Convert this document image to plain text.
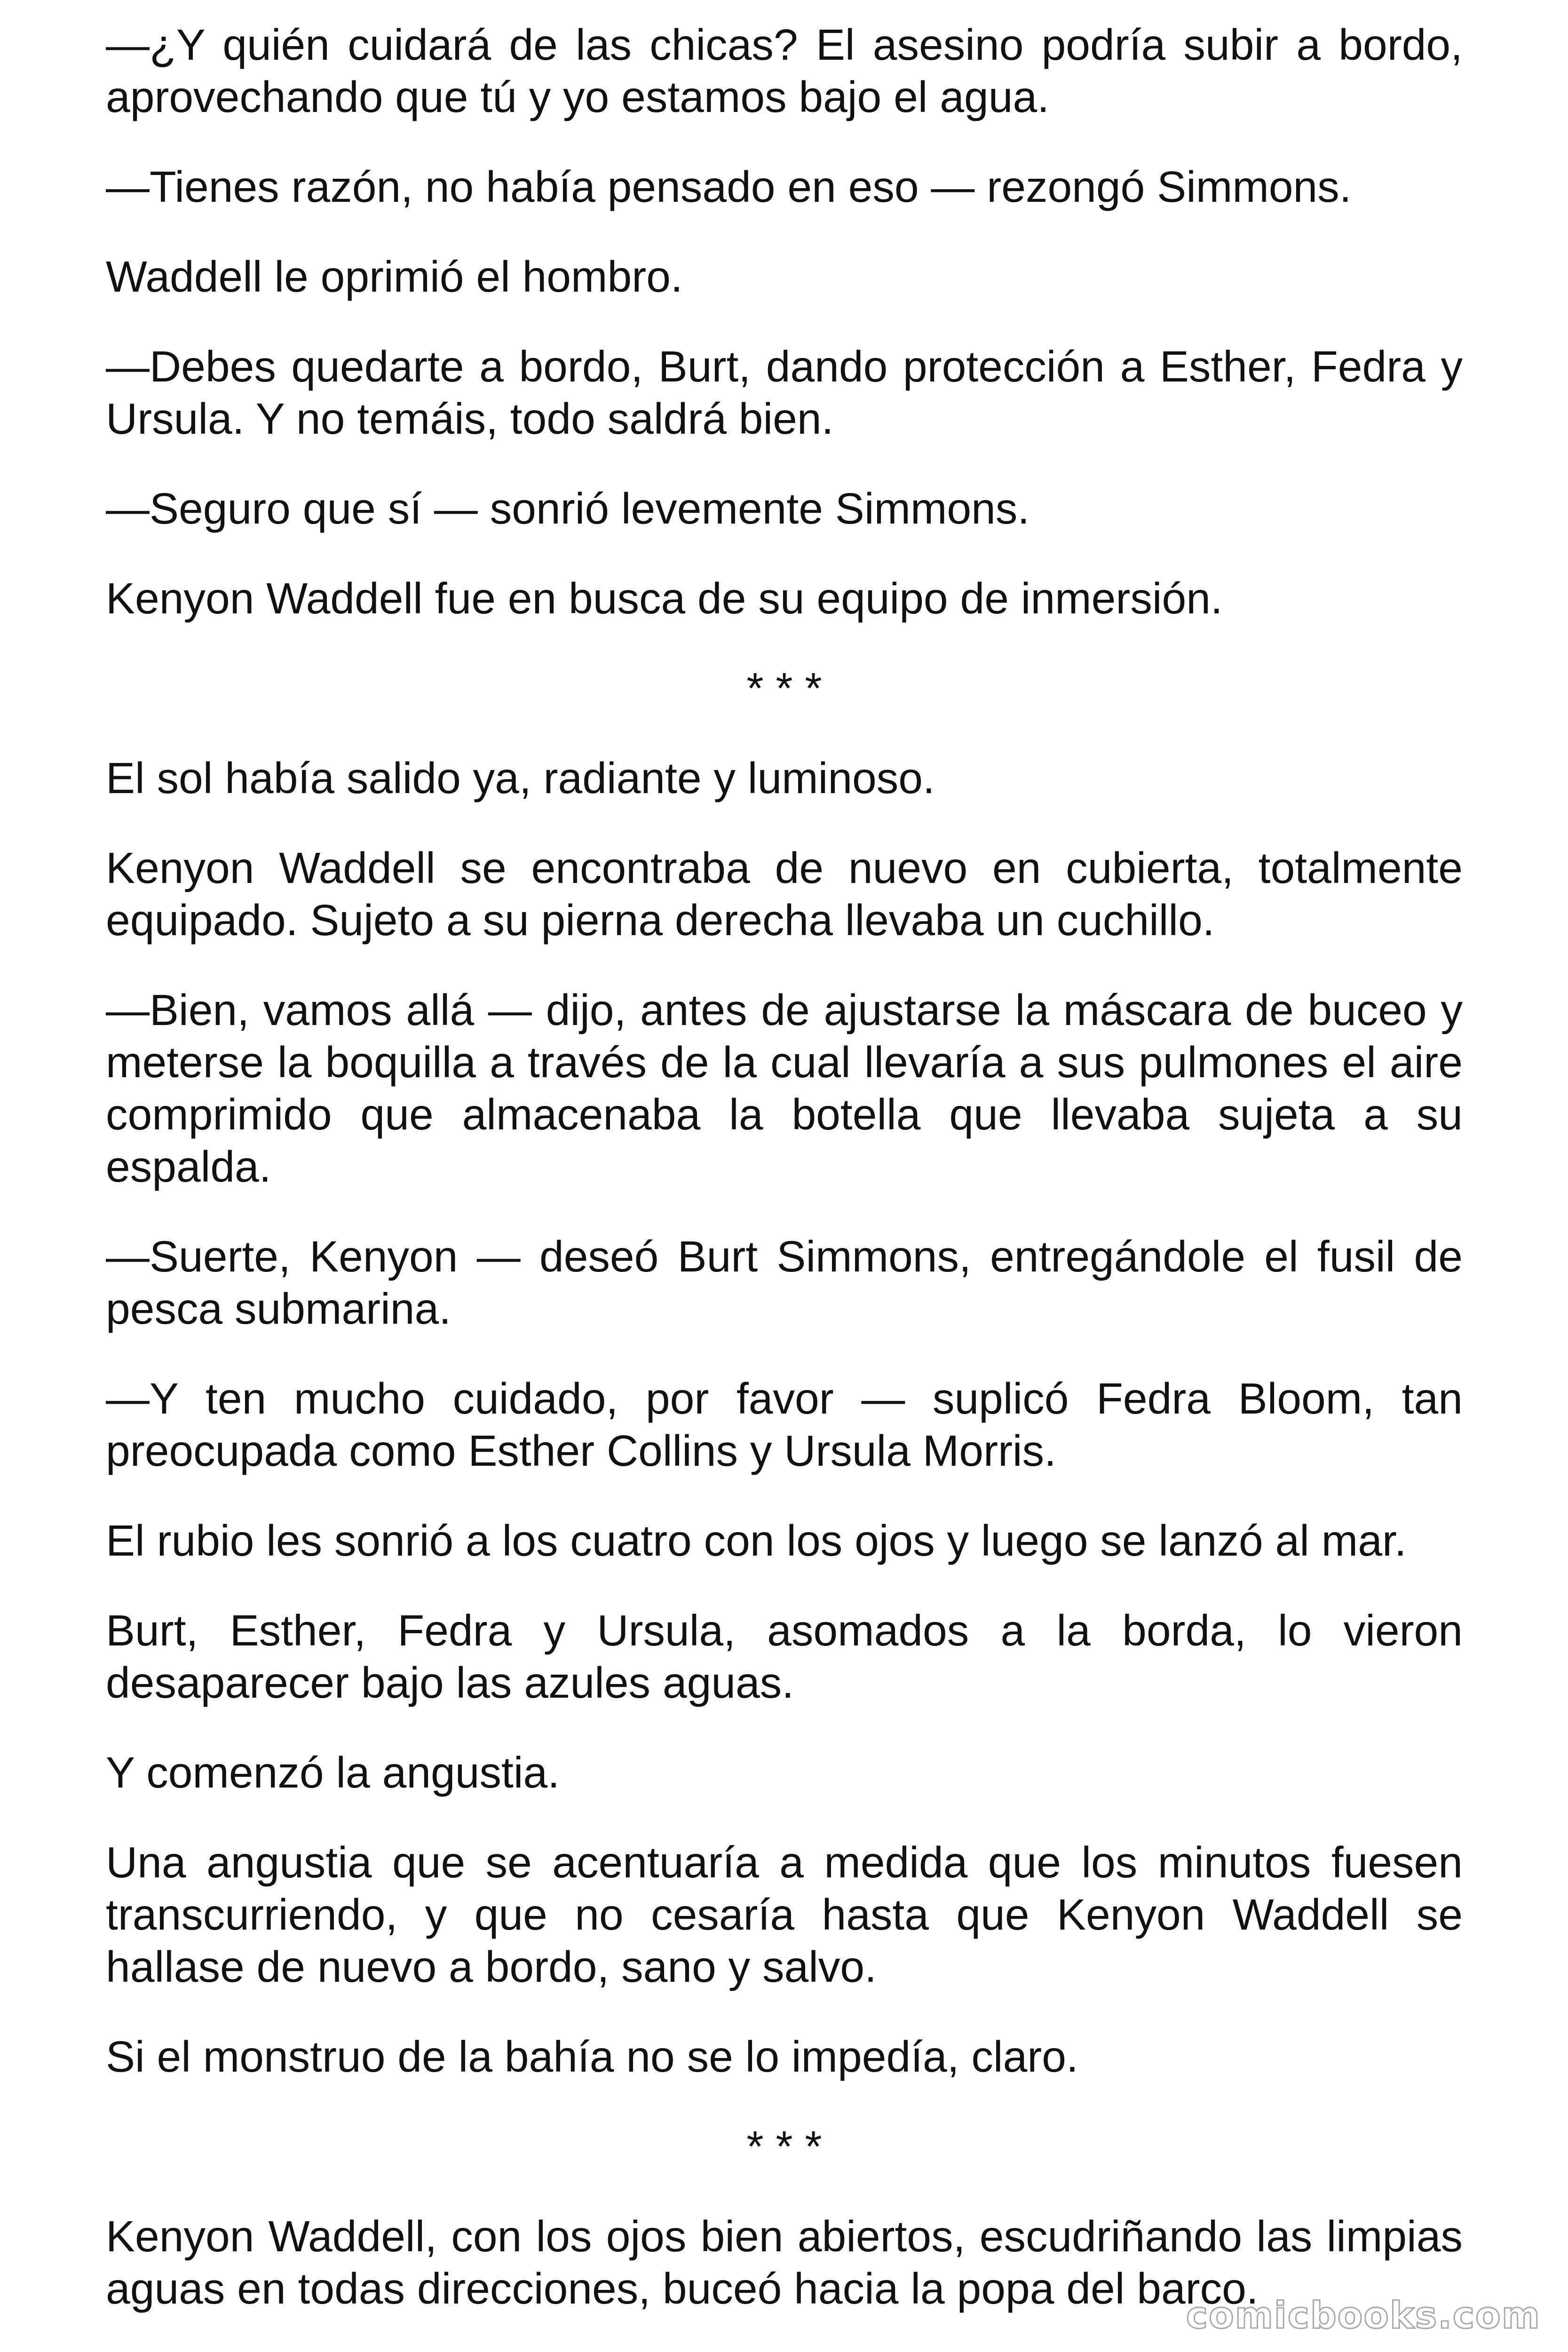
—¿Y quién cuidará de las chicas? El asesino podría subir a bordo, aprovechando que tú y yo estamos bajo el agua.

—Tienes razón, no había pensado en eso — rezongó Simmons.

Waddell le oprimió el hombro.

—Debes quedarte a bordo, Burt, dando protección a Esther, Fedra y Ursula. Y no temáis, todo saldrá bien.

—Seguro que sí — sonrió levemente Simmons.

Kenyon Waddell fue en busca de su equipo de inmersión.

* * *

El sol había salido ya, radiante y luminoso.

Kenyon Waddell se encontraba de nuevo en cubierta, totalmente equipado. Sujeto a su pierna derecha llevaba un cuchillo.

—Bien, vamos allá — dijo, antes de ajustarse la máscara de buceo y meterse la boquilla a través de la cual llevaría a sus pulmones el aire comprimido que almacenaba la botella que llevaba sujeta a su espalda.

—Suerte, Kenyon — deseó Burt Simmons, entregándole el fusil de pesca submarina.

—Y ten mucho cuidado, por favor — suplicó Fedra Bloom, tan preocupada como Esther Collins y Ursula Morris.

El rubio les sonrió a los cuatro con los ojos y luego se lanzó al mar.

Burt, Esther, Fedra y Ursula, asomados a la borda, lo vieron desaparecer bajo las azules aguas.

Y comenzó la angustia.

Una angustia que se acentuaría a medida que los minutos fuesen transcurriendo, y que no cesaría hasta que Kenyon Waddell se hallase de nuevo a bordo, sano y salvo.

Si el monstruo de la bahía no se lo impedía, claro.

* * *

Kenyon Waddell, con los ojos bien abiertos, escudriñando las limpias aguas en todas direcciones, buceó hacia la popa del barco.

comicbooks.com
